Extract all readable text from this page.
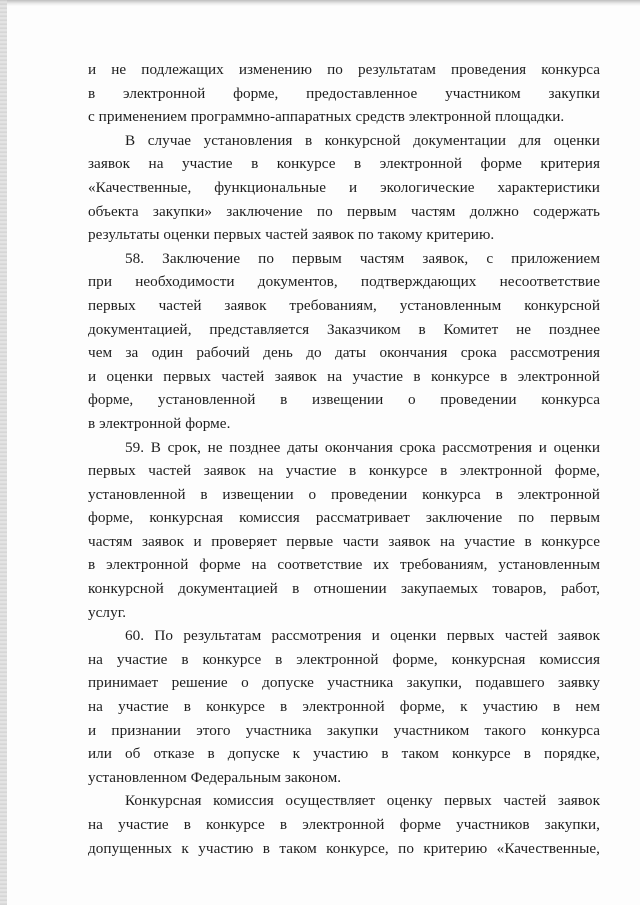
и не подлежащих изменению по результатам проведения конкурса
в электронной форме, предоставленное участником закупки
с применением программно-аппаратных средств электронной площадки.
В случае установления в конкурсной документации для оценки
заявок на участие в конкурсе в электронной форме критерия
«Качественные, функциональные и экологические характеристики
объекта закупки» заключение по первым частям должно содержать
результаты оценки первых частей заявок по такому критерию.
58. Заключение по первым частям заявок, с приложением
при необходимости документов, подтверждающих несоответствие
первых частей заявок требованиям, установленным конкурсной
документацией, представляется Заказчиком в Комитет не позднее
чем за один рабочий день до даты окончания срока рассмотрения
и оценки первых частей заявок на участие в конкурсе в электронной
форме, установленной в извещении о проведении конкурса
в электронной форме.
59. В срок, не позднее даты окончания срока рассмотрения и оценки
первых частей заявок на участие в конкурсе в электронной форме,
установленной в извещении о проведении конкурса в электронной
форме, конкурсная комиссия рассматривает заключение по первым
частям заявок и проверяет первые части заявок на участие в конкурсе
в электронной форме на соответствие их требованиям, установленным
конкурсной документацией в отношении закупаемых товаров, работ,
услуг.
60. По результатам рассмотрения и оценки первых частей заявок
на участие в конкурсе в электронной форме, конкурсная комиссия
принимает решение о допуске участника закупки, подавшего заявку
на участие в конкурсе в электронной форме, к участию в нем
и признании этого участника закупки участником такого конкурса
или об отказе в допуске к участию в таком конкурсе в порядке,
установленном Федеральным законом.
Конкурсная комиссия осуществляет оценку первых частей заявок
на участие в конкурсе в электронной форме участников закупки,
допущенных к участию в таком конкурсе, по критерию «Качественные,
